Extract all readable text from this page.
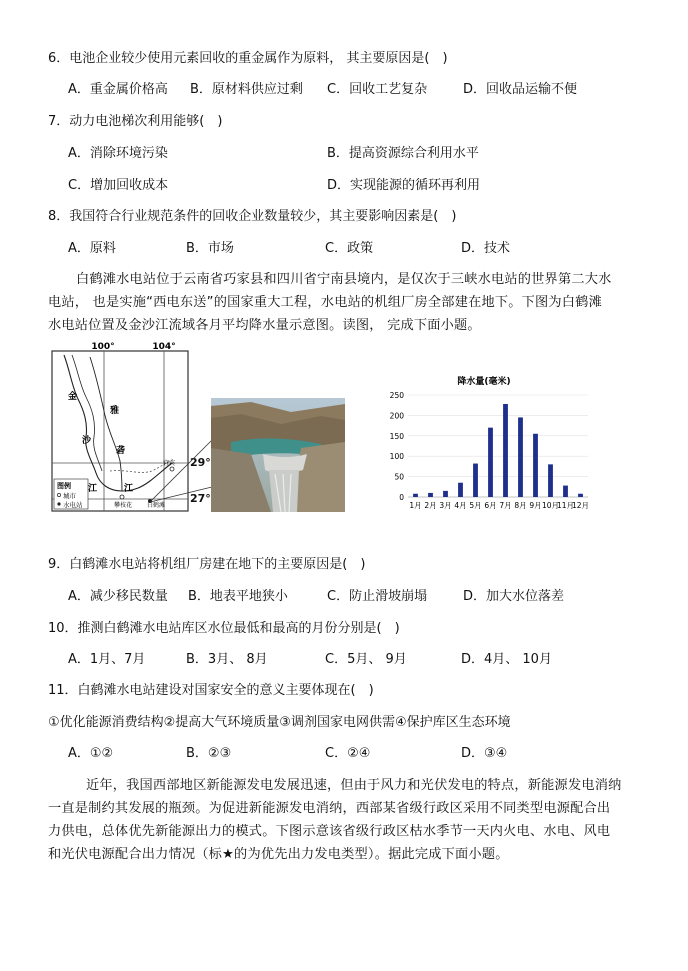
6．电池企业较少使用元素回收的重金属作为原料， 其主要原因是(　)
A．重金属价格高 B．原材料供应过剩 C．回收工艺复杂	D．回收品运输不便
7．动力电池梯次利用能够(　)
A．消除环境污染	B．提高资源综合利用水平
C．增加回收成本	D．实现能源的循环再利用
8．我国符合行业规范条件的回收企业数量较少，其主要影响因素是(　)
A．原料	B．市场	C．政策	D．技术
白鹤滩水电站位于云南省巧家县和四川省宁南县境内，是仅次于三峡水电站的世界第二大水
电站， 也是实施“西电东送”的国家重大工程，水电站的机组厂房全部建在地下。下图为白鹤滩
水电站位置及金沙江流域各月平均降水量示意图。读图， 完成下面小题。
100°	104°
金
沙
江
雅
砻
江
宜宾
攀枝花 白鹤滩
图例
城市
水电站
29°
27°
降水量(毫米)
0
50
100
150
200
250
1月 2月 3月 4月 5月 6月 7月 8月 9月 10月
11月
12月
9．白鹤滩水电站将机组厂房建在地下的主要原因是(　)
A．减少移民数量 B．地表平地狭小	C．防止滑坡崩塌	D．加大水位落差
10．推测白鹤滩水电站库区水位最低和最高的月份分别是(　)
A．1月、7月	B．3月、 8月	C．5月、 9月	D．4月、 10月
11．白鹤滩水电站建设对国家安全的意义主要体现在(　)
①优化能源消费结构②提高大气环境质量③调剂国家电网供需④保护库区生态环境
A．①②	B．②③	C．②④	D．③④
近年，我国西部地区新能源发电发展迅速，但由于风力和光伏发电的特点，新能源发电消纳
一直是制约其发展的瓶颈。为促进新能源发电消纳，西部某省级行政区采用不同类型电源配合出
力供电，总体优先新能源出力的模式。下图示意该省级行政区枯水季节一天内火电、水电、风电
和光伏电源配合出力情况（标★的为优先出力发电类型）。据此完成下面小题。
